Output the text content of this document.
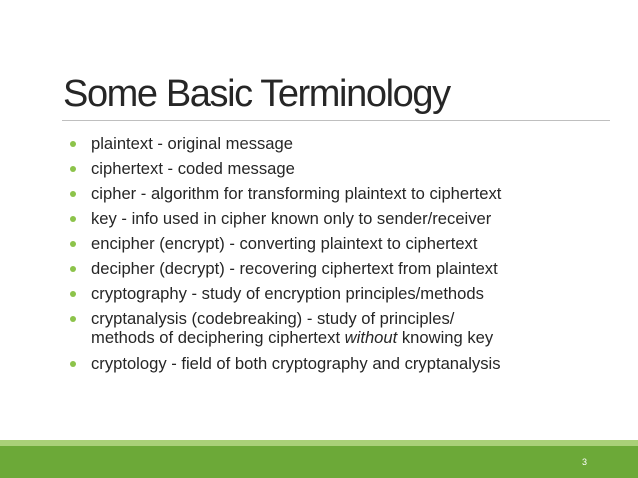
Some Basic Terminology
plaintext - original message
ciphertext - coded message
cipher - algorithm for transforming plaintext to ciphertext
key - info used in cipher known only to sender/receiver
encipher (encrypt) - converting plaintext to ciphertext
decipher (decrypt) - recovering ciphertext from plaintext
cryptography - study of encryption principles/methods
cryptanalysis (codebreaking) - study of principles/
methods of deciphering ciphertext without knowing key
cryptology - field of both cryptography and cryptanalysis
3
